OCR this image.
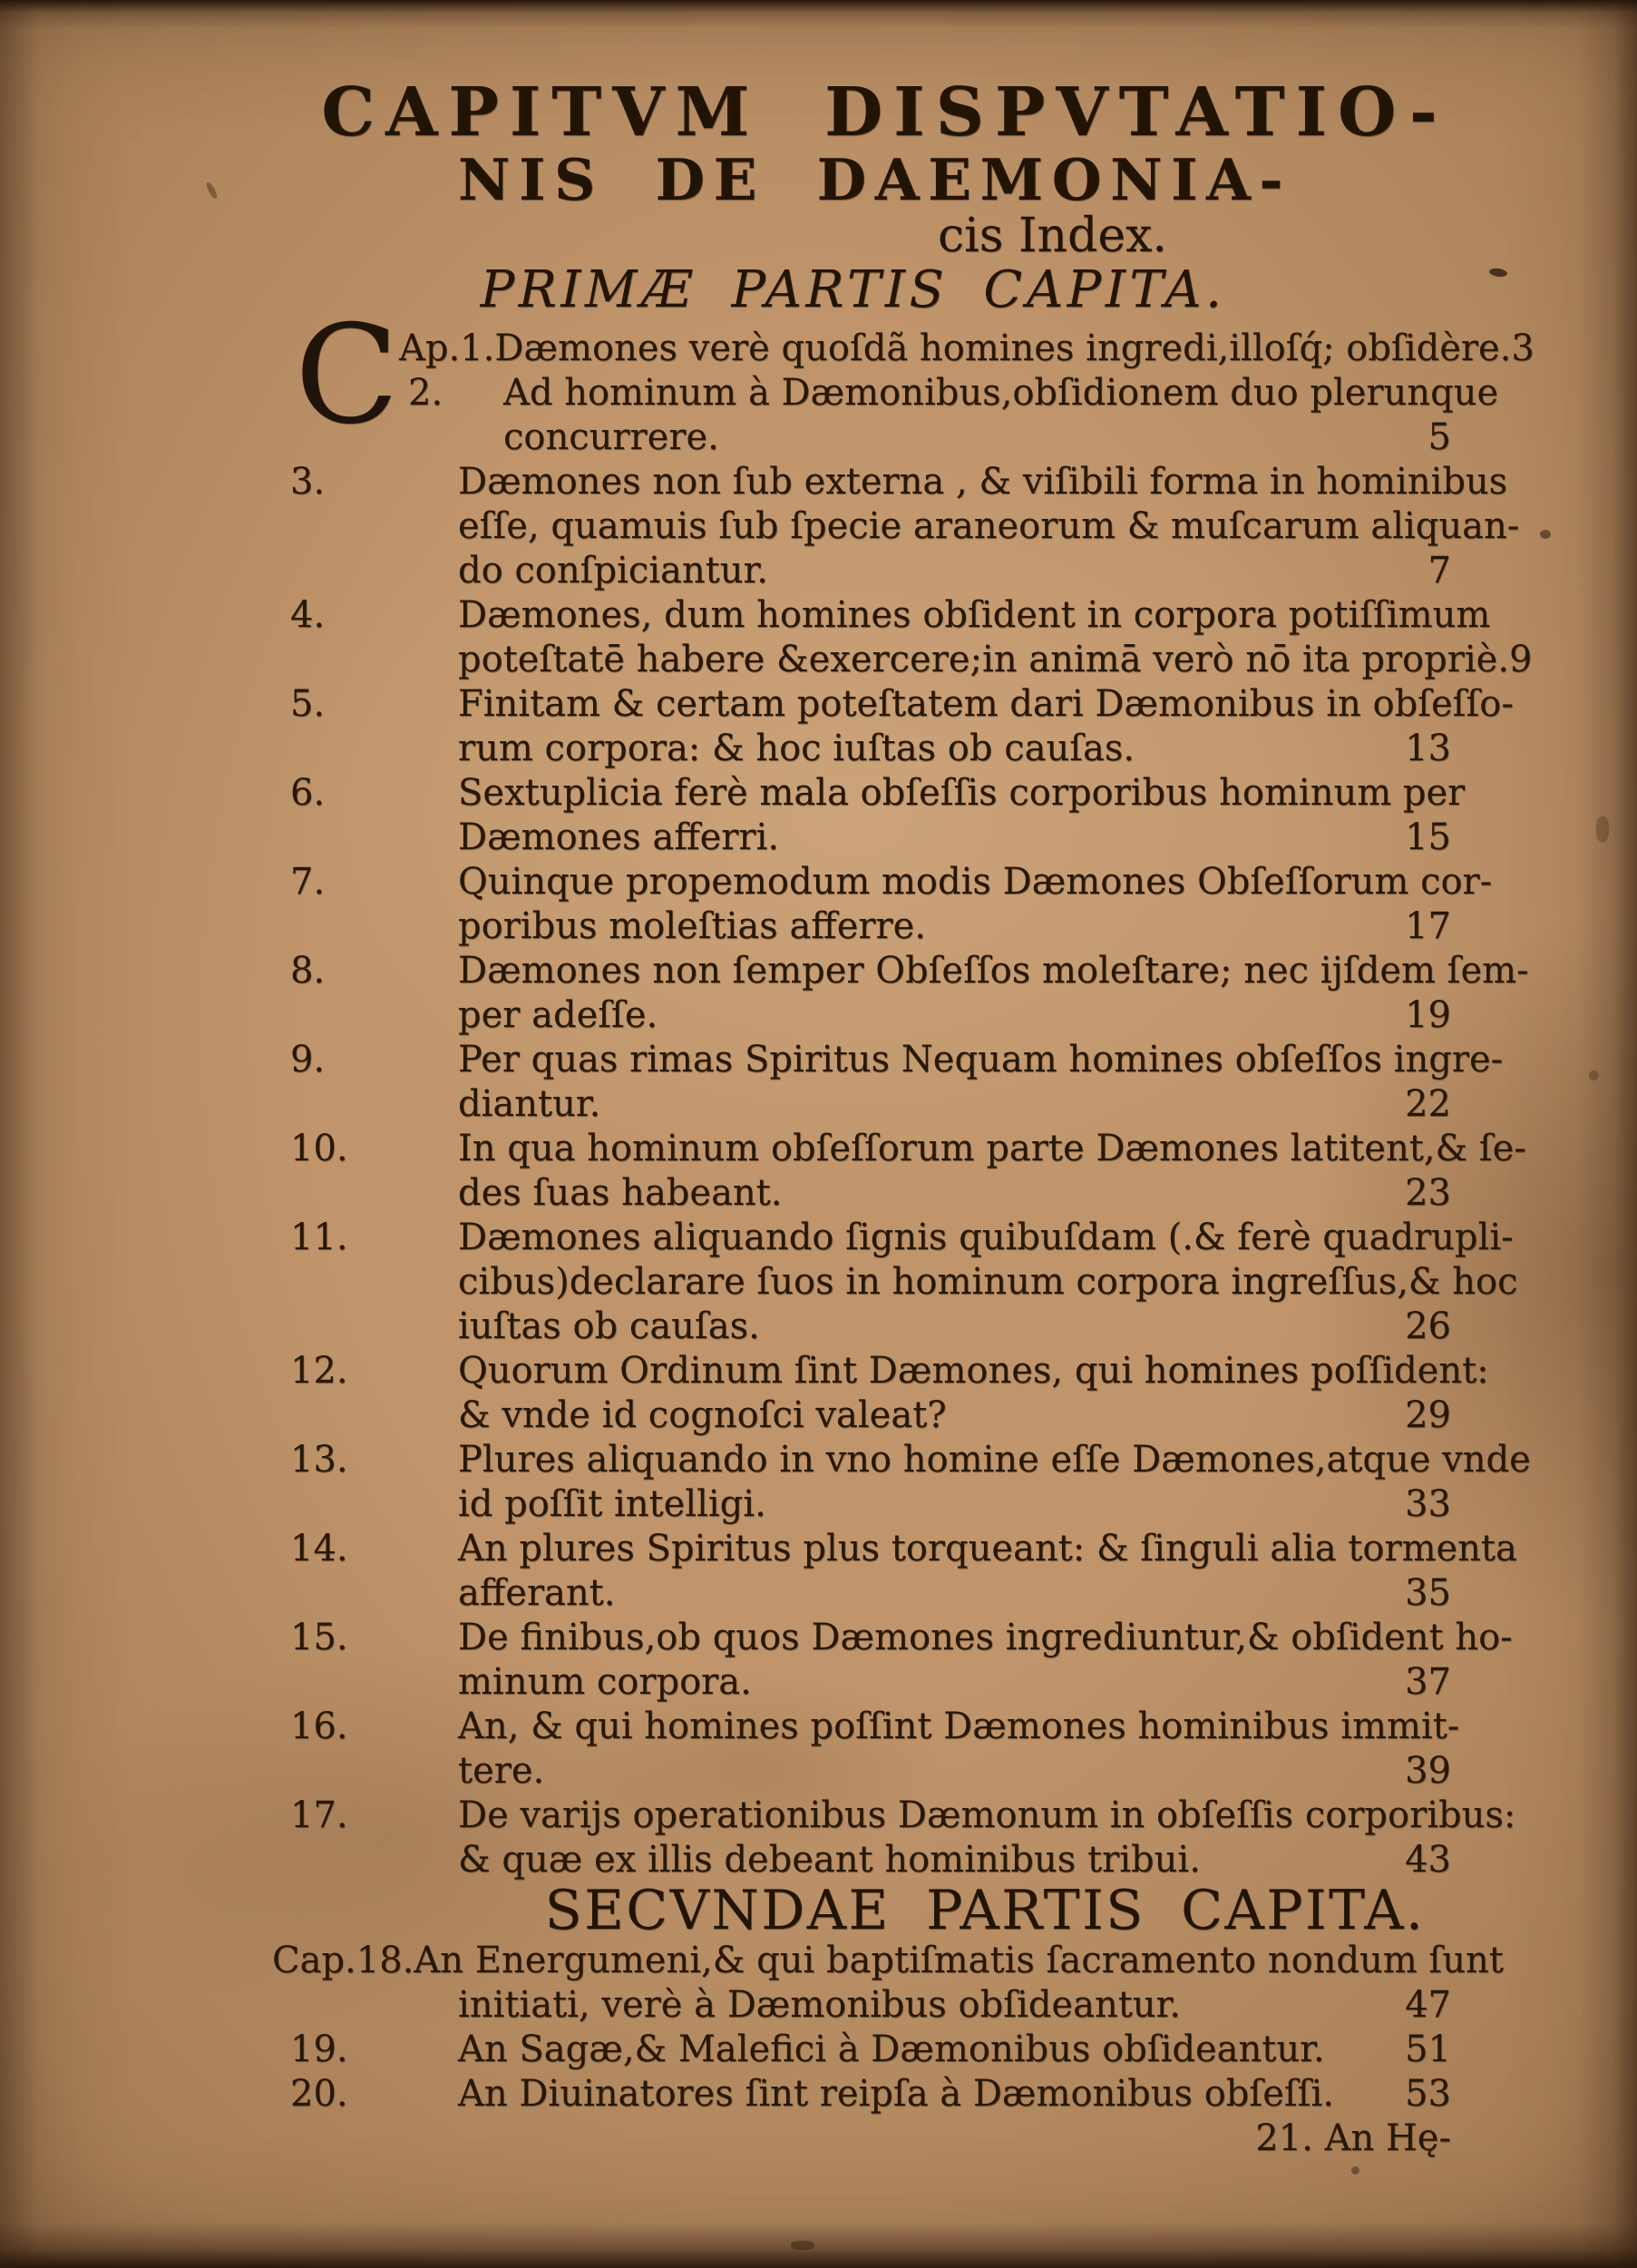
CAPITVM DISPVTATIO-
NIS DE DAEMONIA-
cis Index.
PRIMÆ PARTIS CAPITA.
C Ap.1.Dæmones verè quoſdã homines ingredi,illoſq́; obſidère. 3
2.	Ad hominum à Dæmonibus,obſidionem duo plerunque
concurrere.	5
3.	Dæmones non ſub externa , & viſibili forma in hominibus
eſſe, quamuis ſub ſpecie araneorum & muſcarum aliquan-
do conſpiciantur.	7
4.	Dæmones, dum homines obſident in corpora potiſſimum
poteſtatē habere &exercere;in animā verò nō ita propriè. 9
5.	Finitam & certam poteſtatem dari Dæmonibus in obſeſſo-
rum corpora: & hoc iuſtas ob cauſas.	13
6.	Sextuplicia ferè mala obſeſſis corporibus hominum per
Dæmones afferri.	15
7.	Quinque propemodum modis Dæmones Obſeſſorum cor-
poribus moleſtias afferre.	17
8.	Dæmones non ſemper Obſeſſos moleſtare; nec ijſdem ſem-
per adeſſe.	19
9.	Per quas rimas Spiritus Nequam homines obſeſſos ingre-
diantur.	22
10.	In qua hominum obſeſſorum parte Dæmones latitent,& ſe-
des ſuas habeant.	23
11.	Dæmones aliquando ſignis quibuſdam (.& ferè quadrupli-
cibus)declarare ſuos in hominum corpora ingreſſus,& hoc
iuſtas ob cauſas.	26
12.	Quorum Ordinum ſint Dæmones, qui homines poſſident:
& vnde id cognoſci valeat?	29
13.	Plures aliquando in vno homine eſſe Dæmones,atque vnde
id poſſit intelligi.	33
14.	An plures Spiritus plus torqueant: & ſinguli alia tormenta
afferant.	35
15.	De finibus,ob quos Dæmones ingrediuntur,& obſident ho-
minum corpora.	37
16.	An, & qui homines poſſint Dæmones hominibus immit-
tere.	39
17.	De varijs operationibus Dæmonum in obſeſſis corporibus:
& quæ ex illis debeant hominibus tribui.	43
SECVNDAE PARTIS CAPITA.
Cap.18.An Energumeni,& qui baptiſmatis ſacramento nondum ſunt
initiati, verè à Dæmonibus obſideantur.	47
19.	An Sagæ,& Malefici à Dæmonibus obſideantur. 51
20.	An Diuinatores ſint reipſa à Dæmonibus obſeſſi. 53
21. An Hę-
